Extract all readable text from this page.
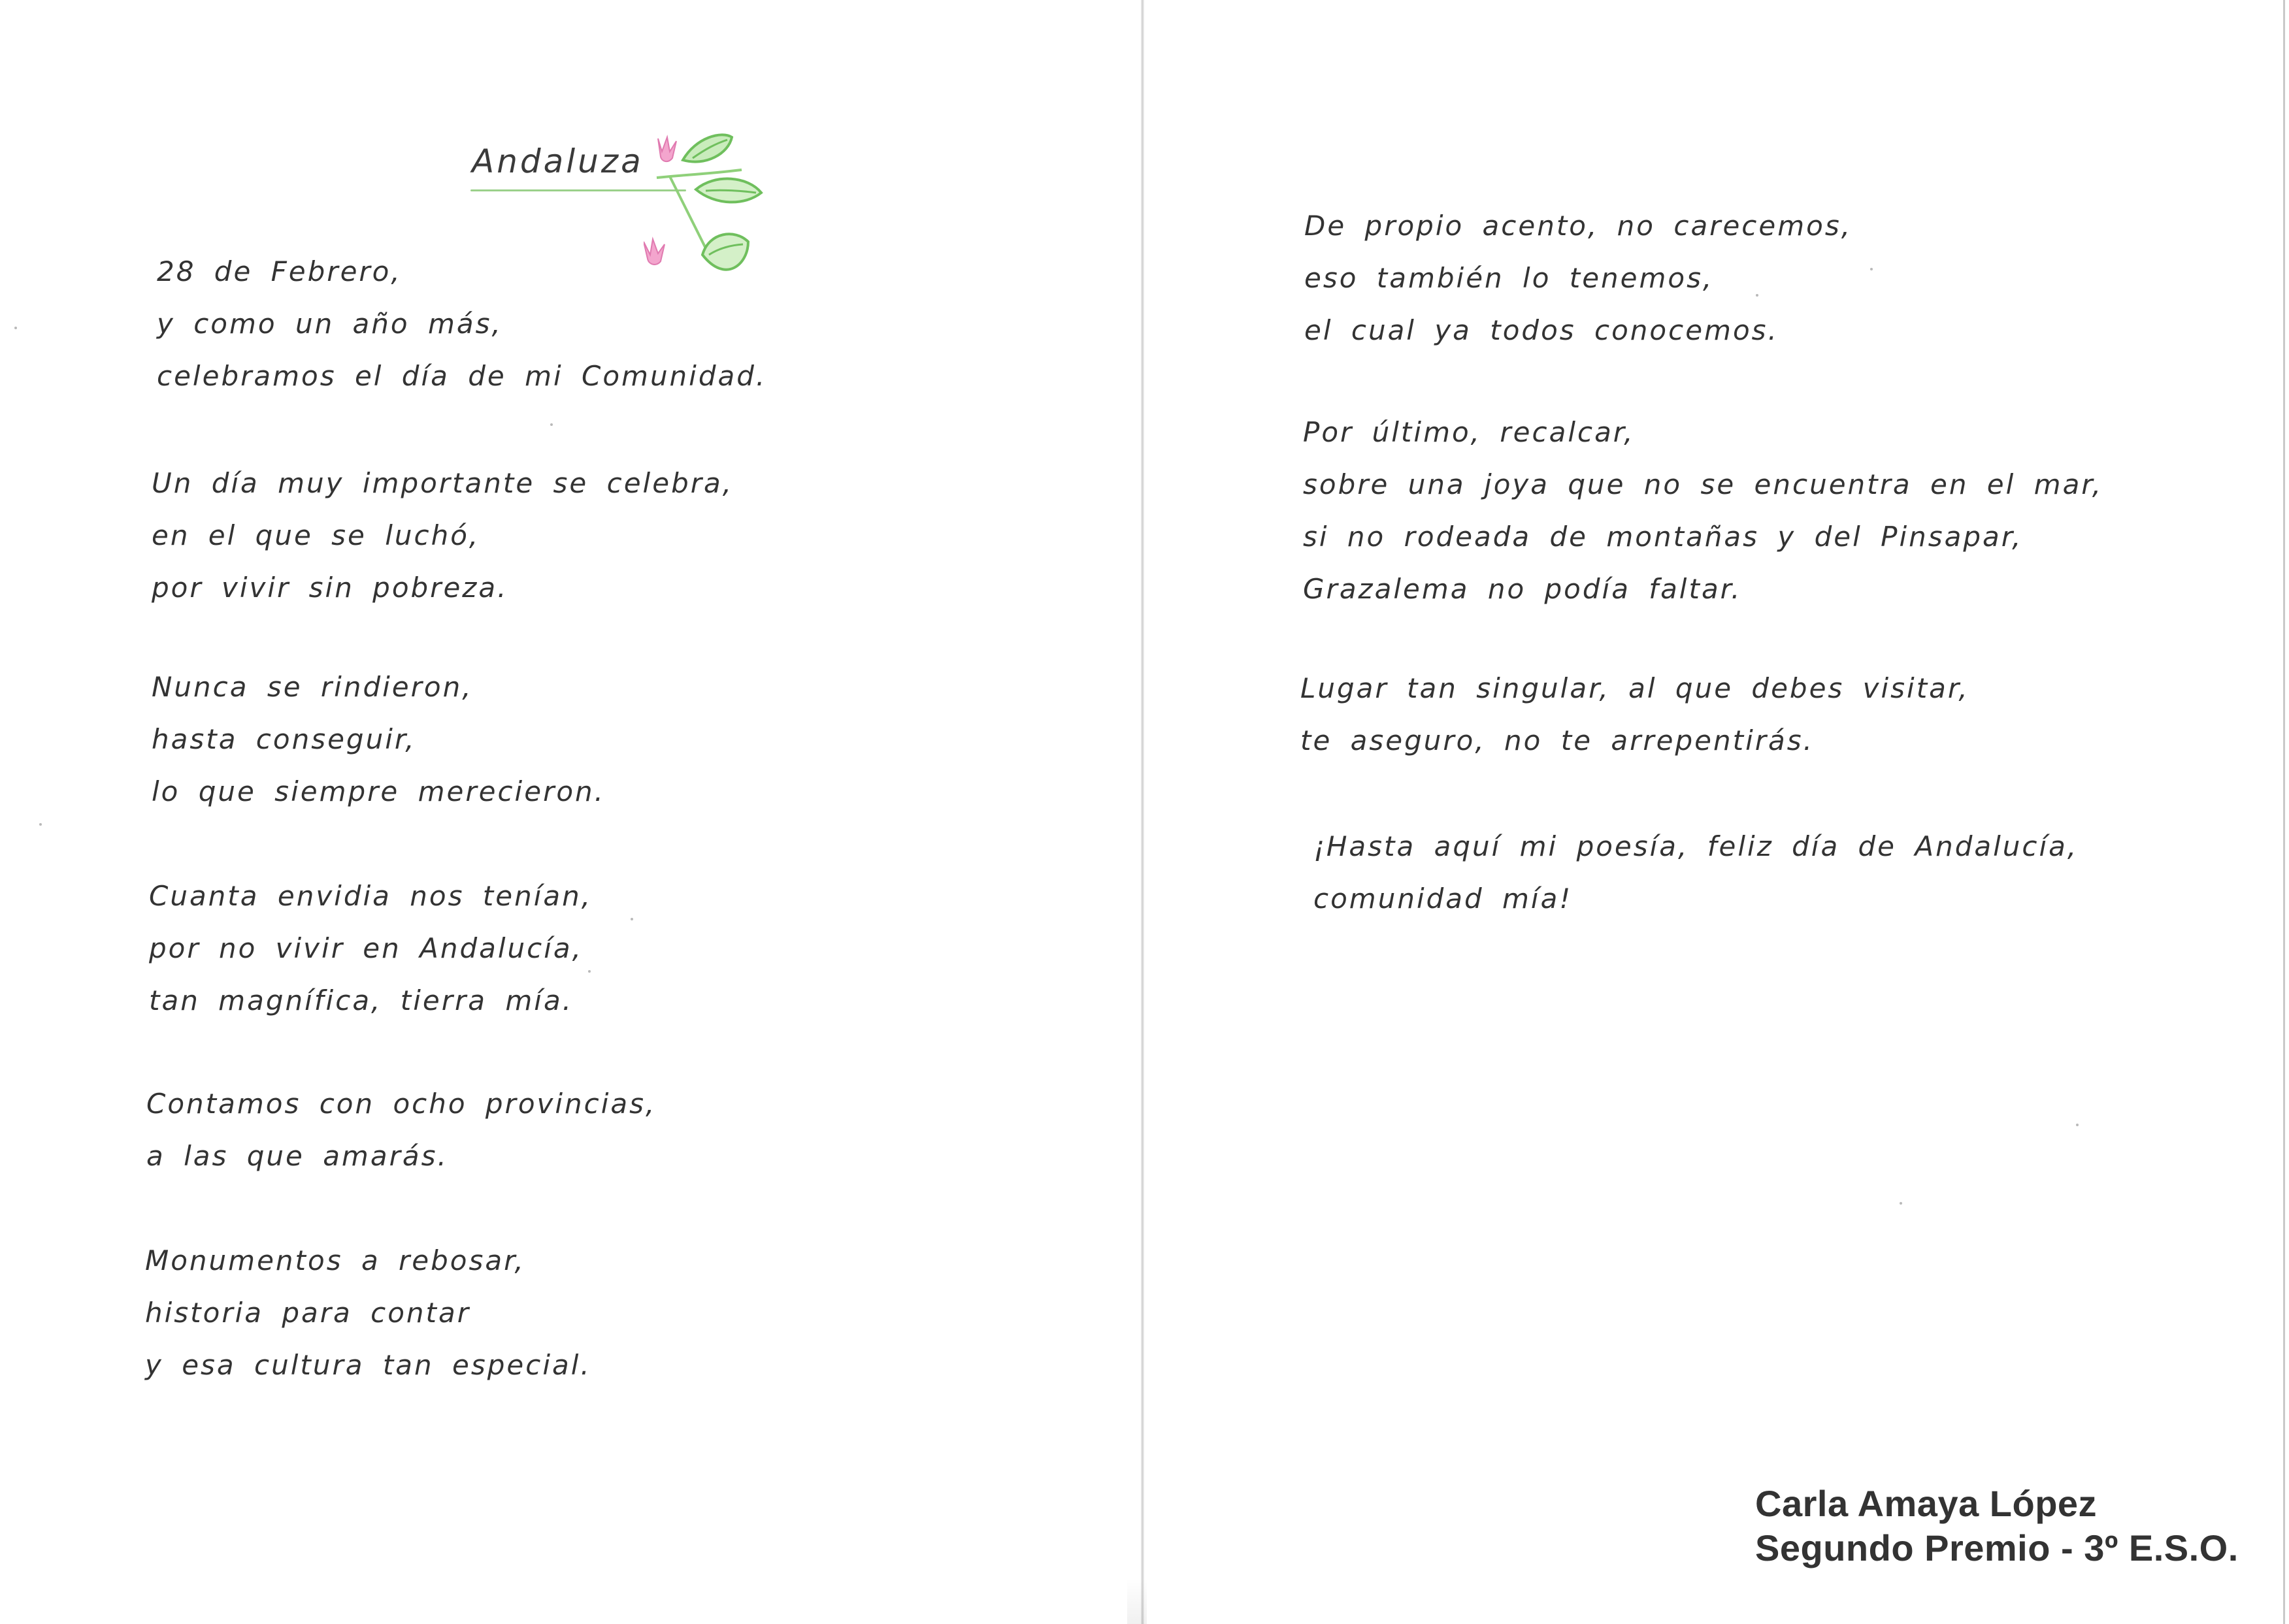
Andaluza
28 de Febrero,
y como un año más,
celebramos el día de mi Comunidad.
Un día muy importante se celebra,
en el que se luchó,
por vivir sin pobreza.
Nunca se rindieron,
hasta conseguir,
lo que siempre merecieron.
Cuanta envidia nos tenían,
por no vivir en Andalucía,
tan magnífica, tierra mía.
Contamos con ocho provincias,
a las que amarás.
Monumentos a rebosar,
historia para contar
y esa cultura tan especial.
De propio acento, no carecemos,
eso también lo tenemos,
el cual ya todos conocemos.
Por último, recalcar,
sobre una joya que no se encuentra en el mar,
si no rodeada de montañas y del Pinsapar,
Grazalema no podía faltar.
Lugar tan singular, al que debes visitar,
te aseguro, no te arrepentirás.
¡Hasta aquí mi poesía, feliz día de Andalucía,
comunidad mía!
Carla Amaya López
Segundo Premio - 3º E.S.O.
